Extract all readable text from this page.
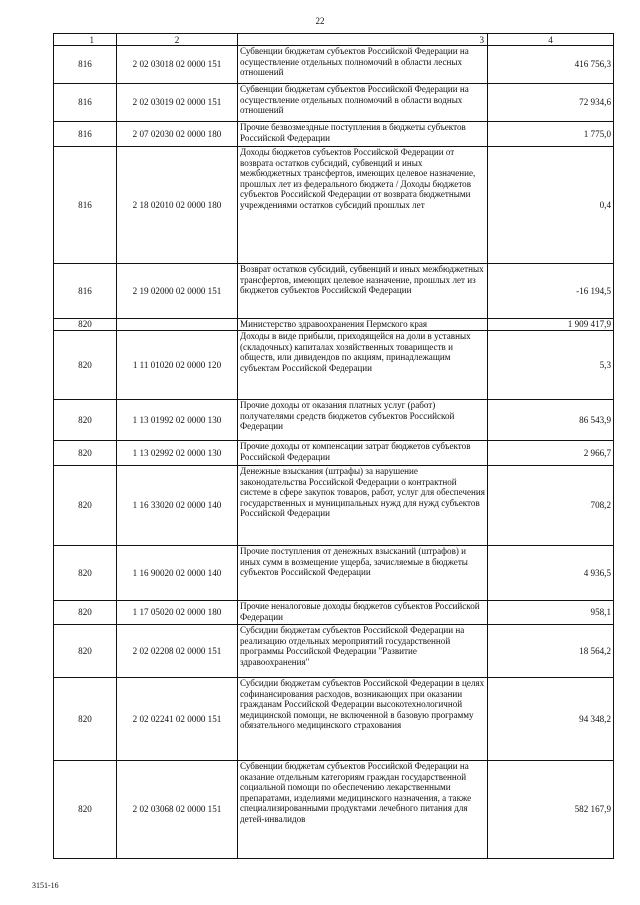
22
1	2	3	4
816	2 02 03018 02 0000 151	Субвенции бюджетам субъектов Российской Федерации на осуществление отдельных полномочий в области лесных отношений	416 756,3
816	2 02 03019 02 0000 151	Субвенции бюджетам субъектов Российской Федерации на осуществление отдельных полномочий в области водных отношений	72 934,6
816	2 07 02030 02 0000 180	Прочие безвозмездные поступления в бюджеты субъектов Российской Федерации	1 775,0
816	2 18 02010 02 0000 180	Доходы бюджетов субъектов Российской Федерации от возврата остатков субсидий, субвенций и иных межбюджетных трансфертов, имеющих целевое назначение, прошлых лет из федерального бюджета / Доходы бюджетов субъектов Российской Федерации от возврата бюджетными учреждениями остатков субсидий прошлых лет	0,4
816	2 19 02000 02 0000 151	Возврат остатков субсидий, субвенций и иных межбюджетных трансфертов, имеющих целевое назначение, прошлых лет из бюджетов субъектов Российской Федерации	-16 194,5
820		Министерство здравоохранения Пермского края	1 909 417,9
820	1 11 01020 02 0000 120	Доходы в виде прибыли, приходящейся на доли в уставных (складочных) капиталах хозяйственных товариществ и обществ, или дивидендов по акциям, принадлежащим субъектам Российской Федерации	5,3
820	1 13 01992 02 0000 130	Прочие доходы от оказания платных услуг (работ) получателями средств бюджетов субъектов Российской Федерации	86 543,9
820	1 13 02992 02 0000 130	Прочие доходы от компенсации затрат бюджетов субъектов Российской Федерации	2 966,7
820	1 16 33020 02 0000 140	Денежные взыскания (штрафы) за нарушение законодательства Российской Федерации о контрактной системе в сфере закупок товаров, работ, услуг для обеспечения государственных и муниципальных нужд для нужд субъектов Российской Федерации	708,2
820	1 16 90020 02 0000 140	Прочие поступления от денежных взысканий (штрафов) и иных сумм в возмещение ущерба, зачисляемые в бюджеты субъектов Российской Федерации	4 936,5
820	1 17 05020 02 0000 180	Прочие неналоговые доходы бюджетов субъектов Российской Федерации	958,1
820	2 02 02208 02 0000 151	Субсидии бюджетам субъектов Российской Федерации на реализацию отдельных мероприятий государственной программы Российской Федерации "Развитие здравоохранения"	18 564,2
820	2 02 02241 02 0000 151	Субсидии бюджетам субъектов Российской Федерации в целях софинансирования расходов, возникающих при оказании гражданам Российской Федерации высокотехнологичной медицинской помощи, не включенной в базовую программу обязательного медицинского страхования	94 348,2
820	2 02 03068 02 0000 151	Субвенции бюджетам субъектов Российской Федерации на оказание отдельным категориям граждан государственной социальной помощи по обеспечению лекарственными препаратами, изделиями медицинского назначения, а также специализированными продуктами лечебного питания для детей-инвалидов	582 167,9
3151-16
